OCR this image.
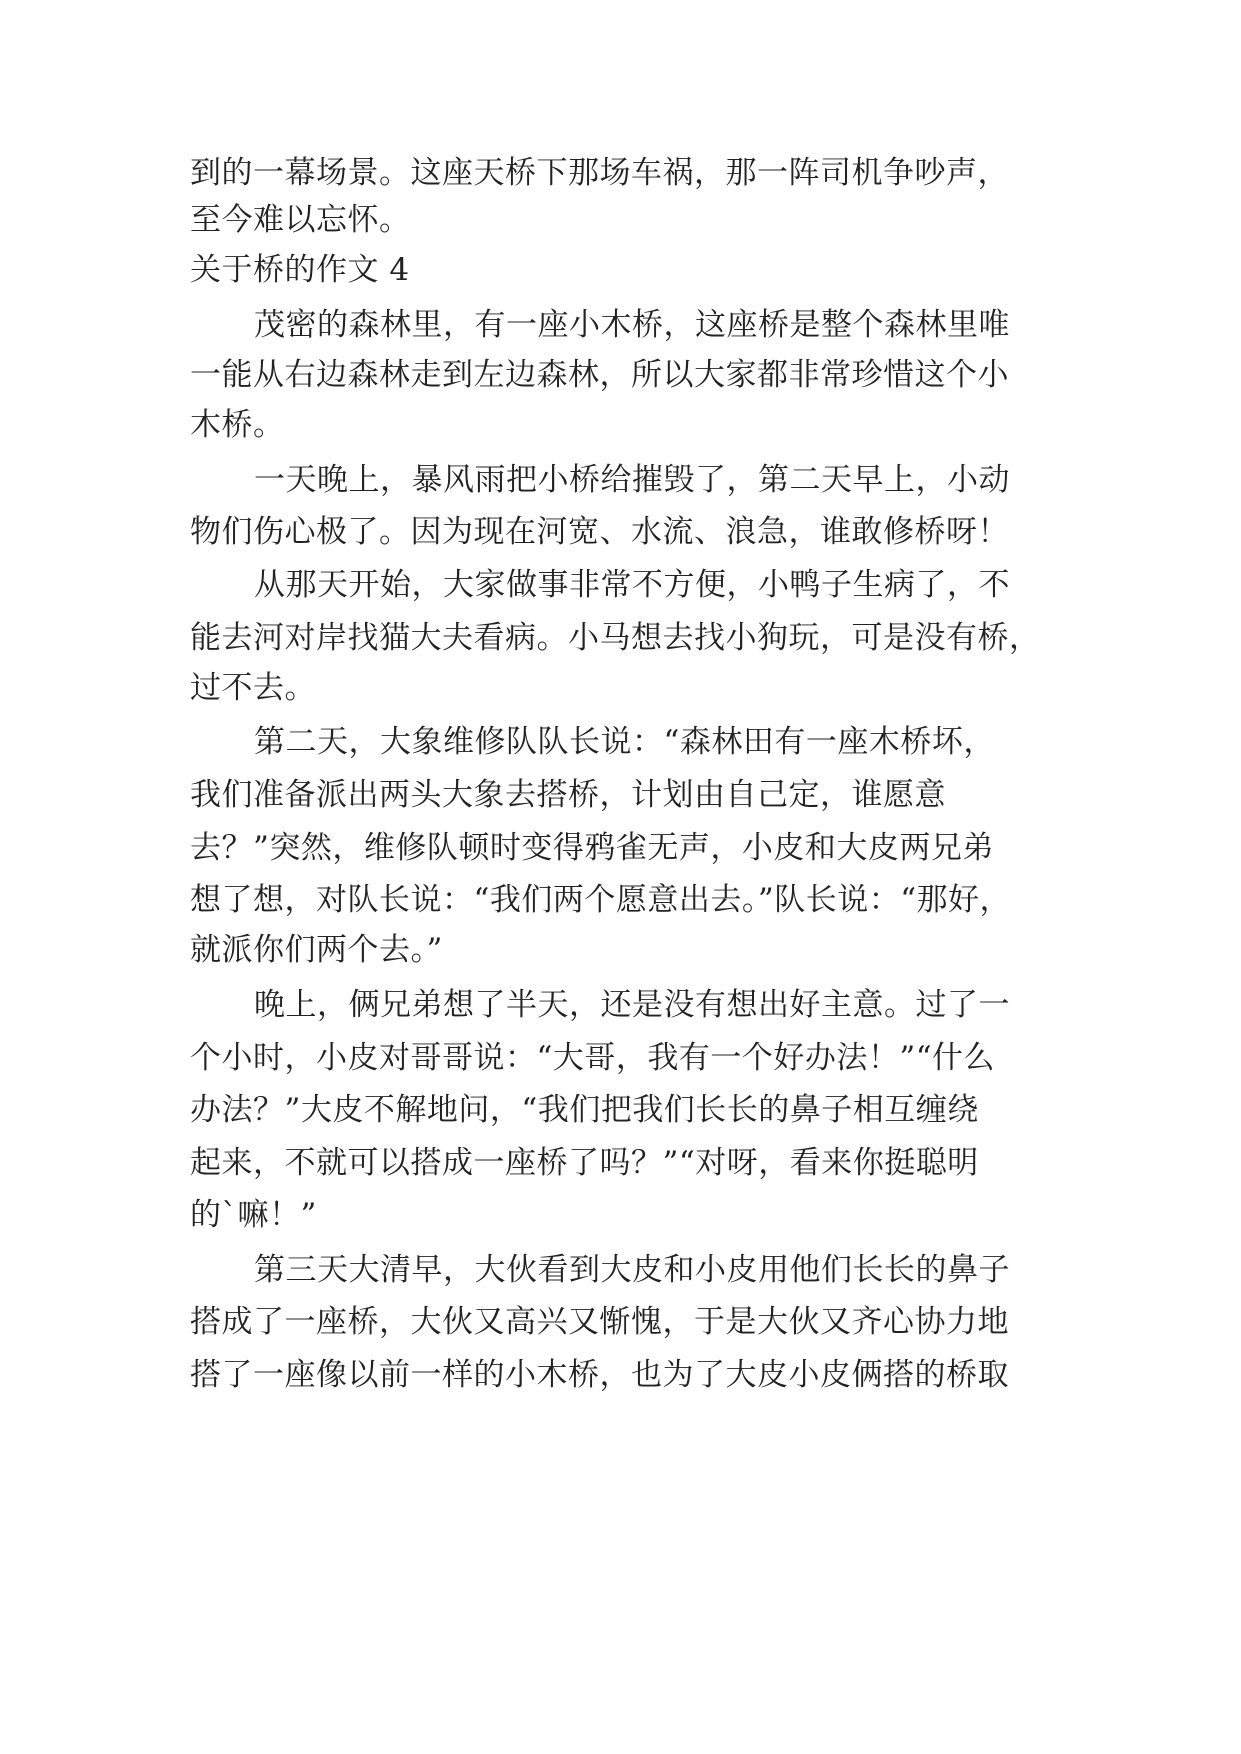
到的一幕场景。这座天桥下那场车祸，那一阵司机争吵声，
至今难以忘怀。
关于桥的作文 4
茂密的森林里，有一座小木桥，这座桥是整个森林里唯
一能从右边森林走到左边森林，所以大家都非常珍惜这个小
木桥。
一天晚上，暴风雨把小桥给摧毁了，第二天早上，小动
物们伤心极了。因为现在河宽、水流、浪急，谁敢修桥呀！
从那天开始，大家做事非常不方便，小鸭子生病了，不
能去河对岸找猫大夫看病。小马想去找小狗玩，可是没有桥，
过不去。
第二天，大象维修队队长说：“森林田有一座木桥坏，
我们准备派出两头大象去搭桥，计划由自己定，谁愿意
去？”突然，维修队顿时变得鸦雀无声，小皮和大皮两兄弟
想了想，对队长说：“我们两个愿意出去。”队长说：“那好，
就派你们两个去。”
晚上，俩兄弟想了半天，还是没有想出好主意。过了一
个小时，小皮对哥哥说：“大哥，我有一个好办法！”“什么
办法？”大皮不解地问，“我们把我们长长的鼻子相互缠绕
起来，不就可以搭成一座桥了吗？”“对呀，看来你挺聪明
的`嘛！”
第三天大清早，大伙看到大皮和小皮用他们长长的鼻子
搭成了一座桥，大伙又高兴又惭愧，于是大伙又齐心协力地
搭了一座像以前一样的小木桥，也为了大皮小皮俩搭的桥取
